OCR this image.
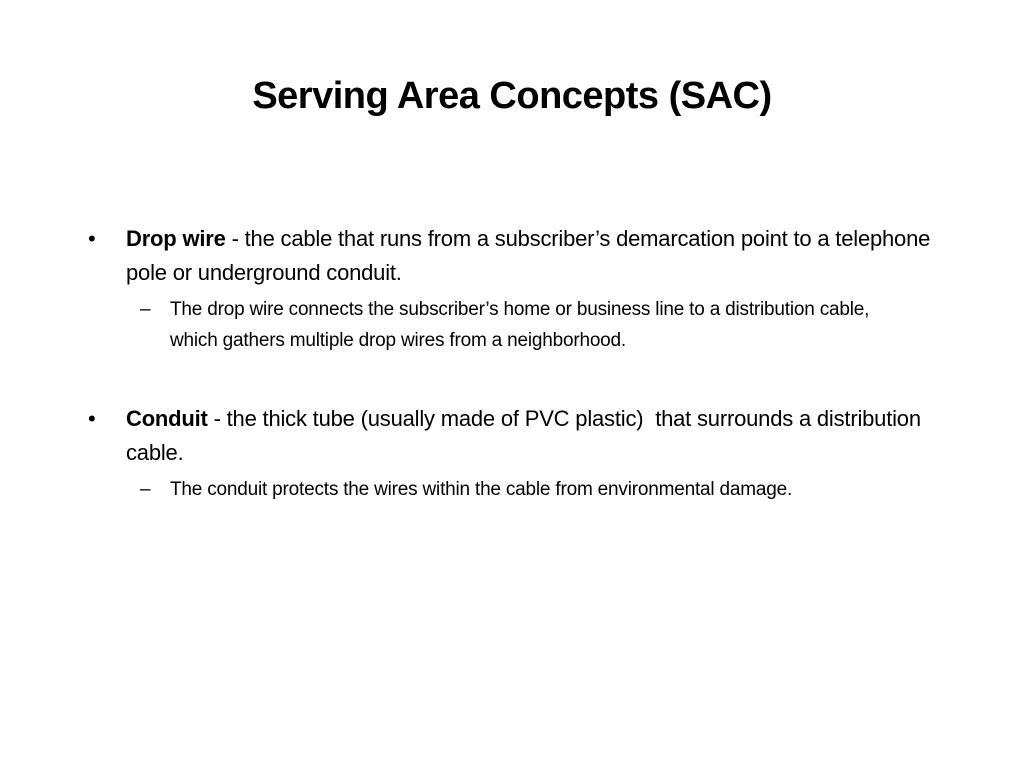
Serving Area Concepts (SAC)
•	Drop wire - the cable that runs from a subscriber’s demarcation point to a telephone pole or underground conduit.
– The drop wire connects the subscriber’s home or business line to a distribution cable, which gathers multiple drop wires from a neighborhood.
•	Conduit - the thick tube (usually made of PVC plastic)  that surrounds a distribution cable.
– The conduit protects the wires within the cable from environmental damage.
